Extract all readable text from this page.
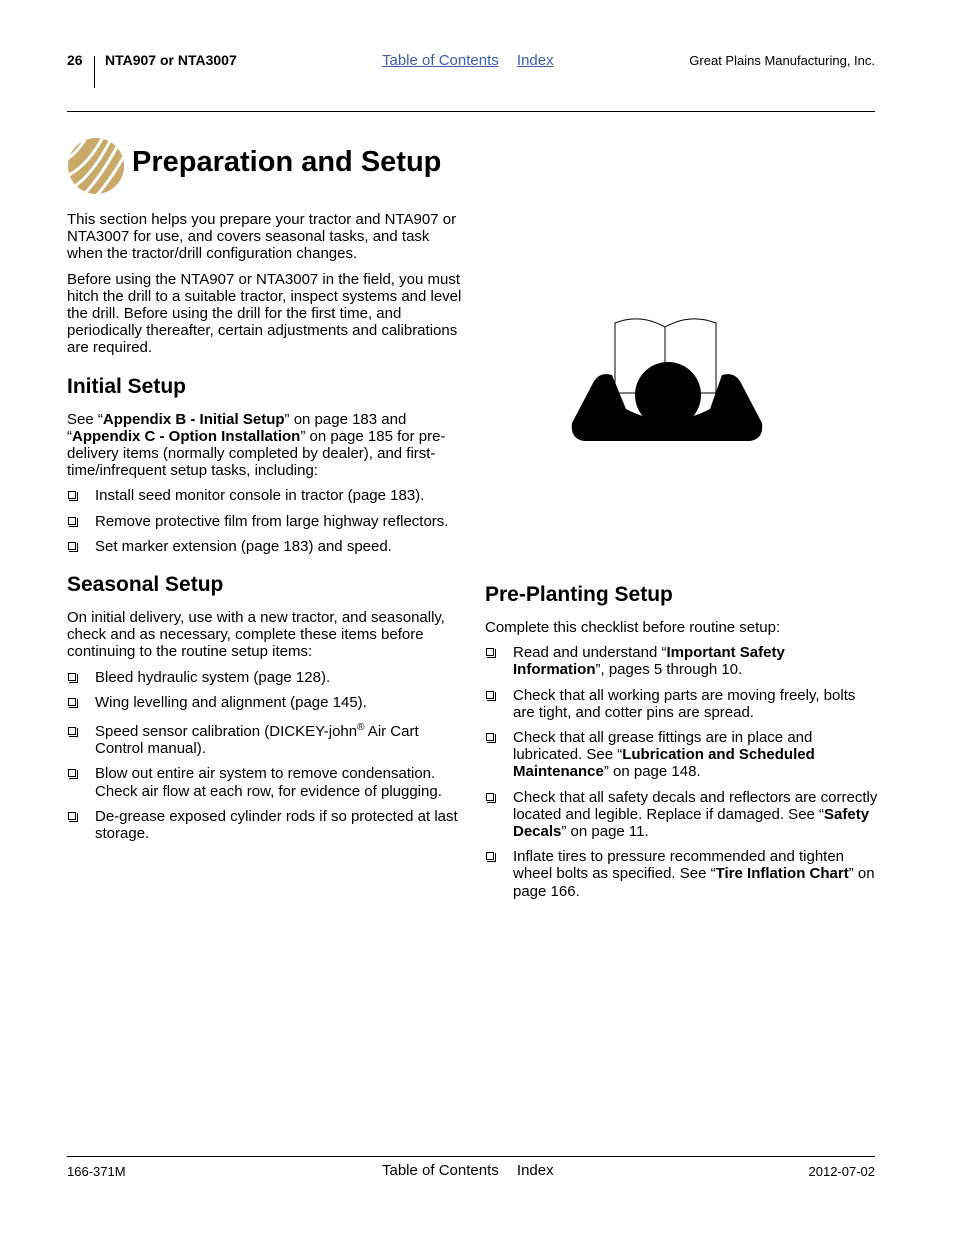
26 NTA907 or NTA3007	Table of Contents Index	Great Plains Manufacturing, Inc.
Preparation and Setup

This section helps you prepare your tractor and NTA907 or NTA3007 for use, and covers seasonal tasks, and task when the tractor/drill configuration changes.

Before using the NTA907 or NTA3007 in the field, you must hitch the drill to a suitable tractor, inspect systems and level the drill. Before using the drill for the first time, and periodically thereafter, certain adjustments and calibrations are required.

Initial Setup

See “Appendix B - Initial Setup” on page 183 and “Appendix C - Option Installation” on page 185 for pre-delivery items (normally completed by dealer), and first-time/infrequent setup tasks, including:

Install seed monitor console in tractor (page 183).
Remove protective film from large highway reflectors.
Set marker extension (page 183) and speed.
Seasonal Setup

On initial delivery, use with a new tractor, and seasonally, check and as necessary, complete these items before continuing to the routine setup items:

Bleed hydraulic system (page 128).
Wing levelling and alignment (page 145).
Speed sensor calibration (DICKEY-john® Air Cart Control manual).
Blow out entire air system to remove condensation. Check air flow at each row, for evidence of plugging.
De-grease exposed cylinder rods if so protected at last storage.
Pre-Planting Setup

Complete this checklist before routine setup:

Read and understand “Important Safety Information”, pages 5 through 10.
Check that all working parts are moving freely, bolts are tight, and cotter pins are spread.
Check that all grease fittings are in place and lubricated. See “Lubrication and Scheduled Maintenance” on page 148.
Check that all safety decals and reflectors are correctly located and legible. Replace if damaged. See “Safety Decals” on page 11.
Inflate tires to pressure recommended and tighten wheel bolts as specified. See “Tire Inflation Chart” on page 166.
166-371M	Table of Contents Index	2012-07-02
